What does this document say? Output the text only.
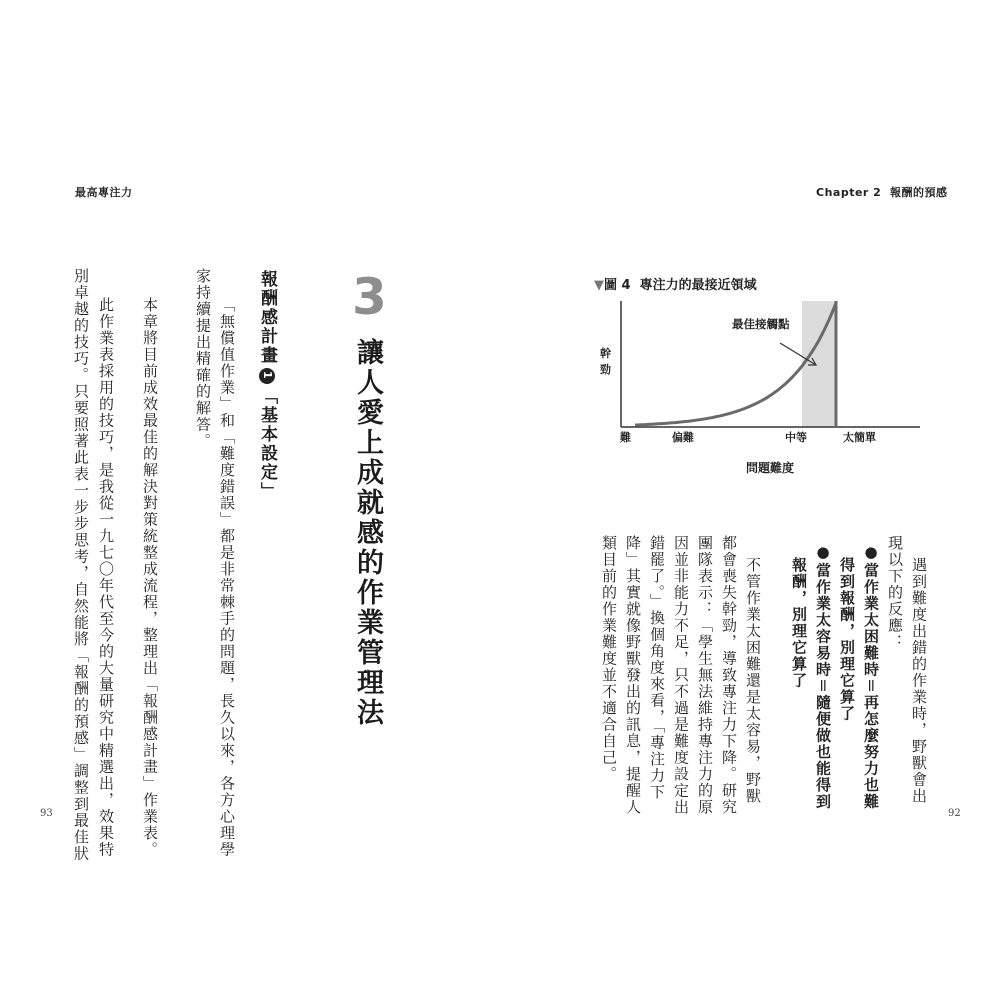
最高專注力
3
讓人愛上成就感的作業管理法
報酬感計畫1「基本設定」
家持續提出精確的解答。 「無償值作業」和「難度錯誤」都是非常棘手的問題，長久以來，各方心理學
本章將目前成效最佳的解決對策統整成流程，整理出「報酬感計畫」作業表。
此作業表採用的技巧，是我從一九七〇年代至今的大量研究中精選出，效果特
別卓越的技巧。只要照著此表一步步思考，自然能將「報酬的預感」調整到最佳狀
93
Chapter 2 報酬的預感
▼圖 4 專注力的最接近領域
最佳接觸點
幹
勁
難	偏難	中等	太簡單
問題難度
遇到難度出錯的作業時，野獸會出
現以下的反應：
●當作業太困難時＝再怎麼努力也難
得到報酬，別理它算了
●當作業太容易時＝隨便做也能得到
報酬，別理它算了
不管作業太困難還是太容易，野獸
都會喪失幹勁，導致專注力下降。研究
團隊表示：「學生無法維持專注力的原
因並非能力不足，只不過是難度設定出
錯罷了。」換個角度來看，「專注力下
降」其實就像野獸發出的訊息，提醒人
類目前的作業難度並不適合自己。
92
